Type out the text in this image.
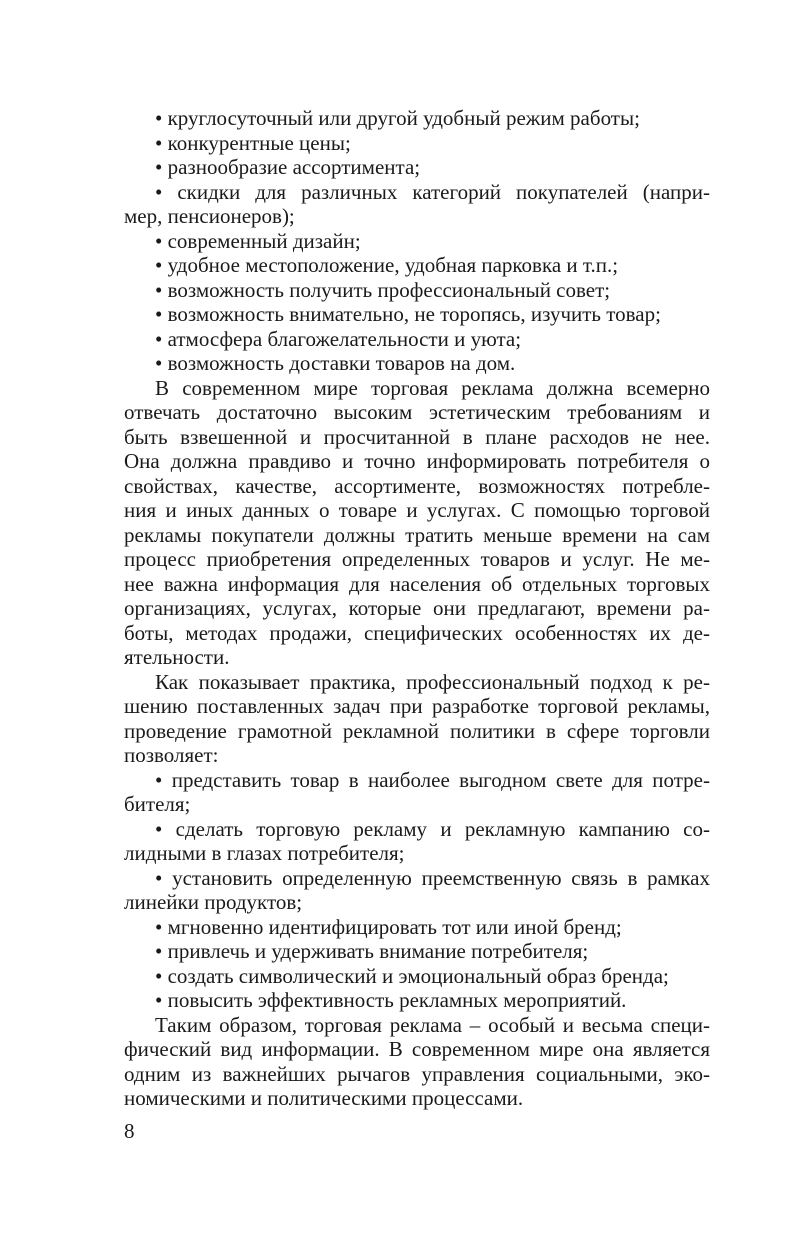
• круглосуточный или другой удобный режим работы;

• конкурентные цены;

• разнообразие ассортимента;

• скидки для различных категорий покупателей (напри-

мер, пенсионеров);

• современный дизайн;

• удобное местоположение, удобная парковка и т.п.;

• возможность получить профессиональный совет;

• возможность внимательно, не торопясь, изучить товар;

• атмосфера благожелательности и уюта;

• возможность доставки товаров на дом.

В современном мире торговая реклама должна всемерно

отвечать достаточно высоким эстетическим требованиям и

быть взвешенной и просчитанной в плане расходов не нее.

Она должна правдиво и точно информировать потребителя о

свойствах, качестве, ассортименте, возможностях потребле-

ния и иных данных о товаре и услугах. С помощью торговой

рекламы покупатели должны тратить меньше времени на сам

процесс приобретения определенных товаров и услуг. Не ме-

нее важна информация для населения об отдельных торговых

организациях, услугах, которые они предлагают, времени ра-

боты, методах продажи, специфических особенностях их де-

ятельности.

Как показывает практика, профессиональный подход к ре-

шению поставленных задач при разработке торговой рекламы,

проведение грамотной рекламной политики в сфере торговли

позволяет:

• представить товар в наиболее выгодном свете для потре-

бителя;

• сделать торговую рекламу и рекламную кампанию со-

лидными в глазах потребителя;

• установить определенную преемственную связь в рамках

линейки продуктов;

• мгновенно идентифицировать тот или иной бренд;

• привлечь и удерживать внимание потребителя;

• создать символический и эмоциональный образ бренда;

• повысить эффективность рекламных мероприятий.

Таким образом, торговая реклама – особый и весьма специ-

фический вид информации. В современном мире она является

одним из важнейших рычагов управления социальными, эко-

номическими и политическими процессами.

8
